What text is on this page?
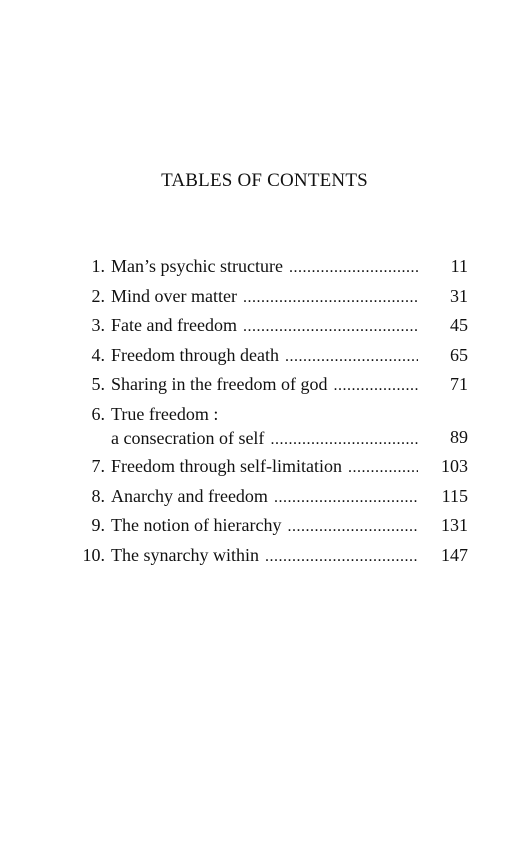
TABLES OF CONTENTS
1. Man’s psychic structure .....	11
2. Mind over matter .....	31
3. Fate and freedom .....	45
4. Freedom through death .....	65
5. Sharing in the freedom of god .....	71
6. True freedom :
a consecration of self .....	89
7. Freedom through self-limitation .....	103
8. Anarchy and freedom .....	115
9. The notion of hierarchy .....	131
10. The synarchy within .....	147
